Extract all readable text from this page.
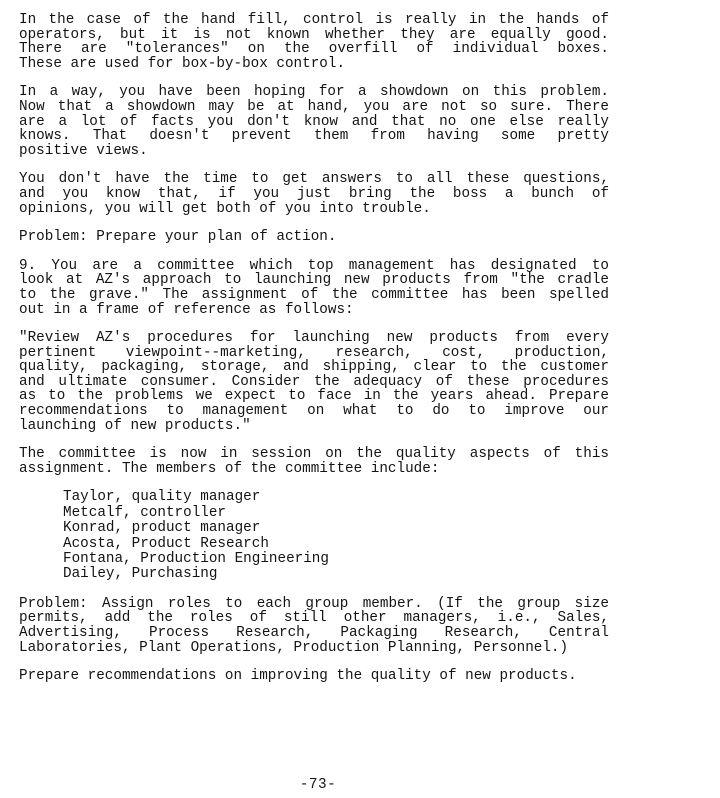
In the case of the hand fill, control is really in the hands of
operators, but it is not known whether they are equally good.
There are "tolerances" on the overfill of individual boxes.
These are used for box-by-box control.

In a way, you have been hoping for a showdown on this problem.
Now that a showdown may be at hand, you are not so sure. There
are a lot of facts you don't know and that no one else really
knows. That doesn't prevent them from having some pretty
positive views.

You don't have the time to get answers to all these questions,
and you know that, if you just bring the boss a bunch of
opinions, you will get both of you into trouble.

Problem: Prepare your plan of action.

9. You are a committee which top management has designated to
look at AZ's approach to launching new products from "the cradle
to the grave." The assignment of the committee has been spelled
out in a frame of reference as follows:

"Review AZ's procedures for launching new products from every
pertinent viewpoint--marketing, research, cost, production,
quality, packaging, storage, and shipping, clear to the customer
and ultimate consumer. Consider the adequacy of these procedures
as to the problems we expect to face in the years ahead. Prepare
recommendations to management on what to do to improve our
launching of new products."

The committee is now in session on the quality aspects of this
assignment. The members of the committee include:

Taylor, quality manager
Metcalf, controller
Konrad, product manager
Acosta, Product Research
Fontana, Production Engineering
Dailey, Purchasing

Problem: Assign roles to each group member. (If the group size
permits, add the roles of still other managers, i.e., Sales,
Advertising, Process Research, Packaging Research, Central
Laboratories, Plant Operations, Production Planning, Personnel.)

Prepare recommendations on improving the quality of new products.

-73-
